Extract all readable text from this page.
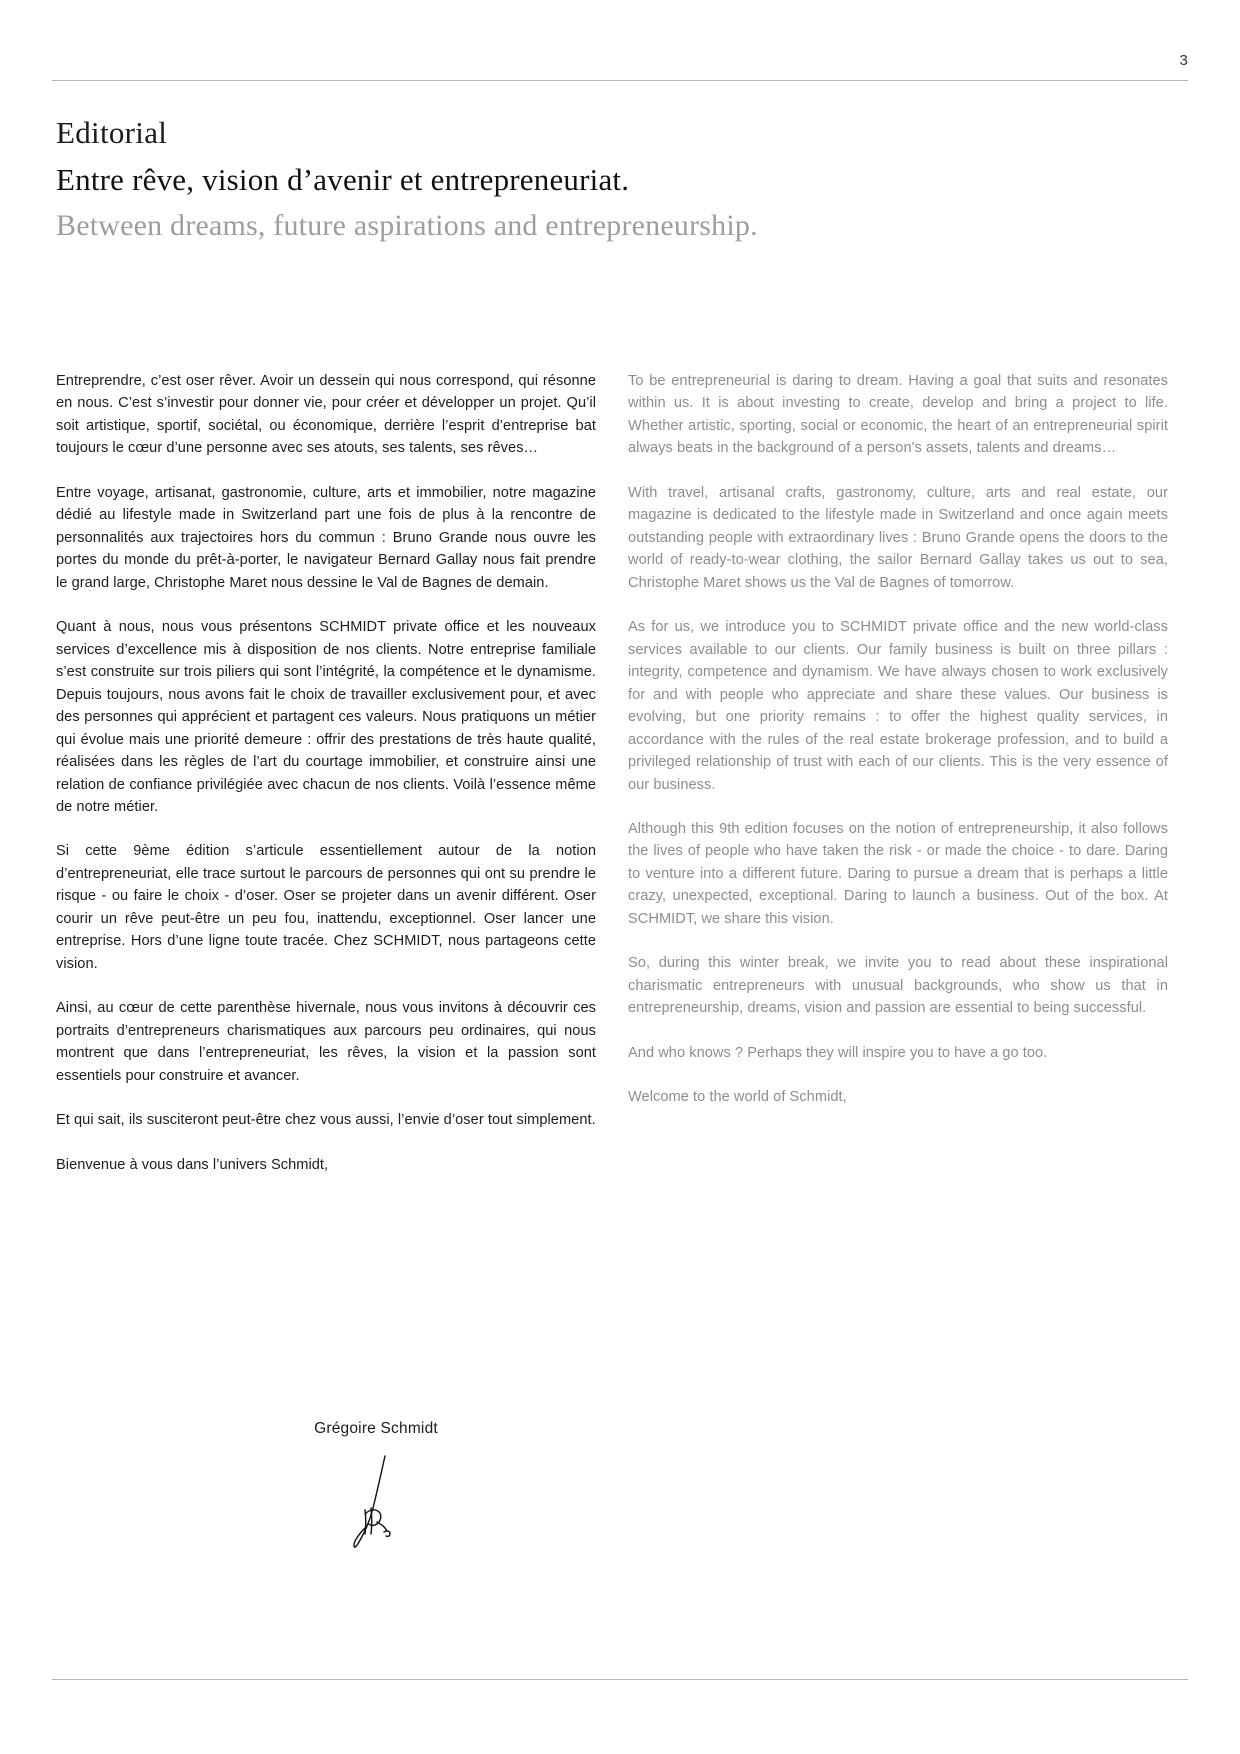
3
Editorial
Entre rêve, vision d’avenir et entrepreneuriat.
Between dreams, future aspirations and entrepreneurship.

Entreprendre, c’est oser rêver. Avoir un dessein qui nous correspond, qui résonne en nous. C’est s’investir pour donner vie, pour créer et développer un projet. Qu’il soit artistique, sportif, sociétal, ou économique, derrière l’esprit d’entreprise bat toujours le cœur d’une personne avec ses atouts, ses talents, ses rêves…

Entre voyage, artisanat, gastronomie, culture, arts et immobilier, notre magazine dédié au lifestyle made in Switzerland part une fois de plus à la rencontre de personnalités aux trajectoires hors du commun : Bruno Grande nous ouvre les portes du monde du prêt-à-porter, le navigateur Bernard Gallay nous fait prendre le grand large, Christophe Maret nous dessine le Val de Bagnes de demain.

Quant à nous, nous vous présentons SCHMIDT private office et les nouveaux services d’excellence mis à disposition de nos clients. Notre entreprise familiale s’est construite sur trois piliers qui sont l’intégrité, la compétence et le dynamisme. Depuis toujours, nous avons fait le choix de travailler exclusivement pour, et avec des personnes qui apprécient et partagent ces valeurs. Nous pratiquons un métier qui évolue mais une priorité demeure : offrir des prestations de très haute qualité, réalisées dans les règles de l’art du courtage immobilier, et construire ainsi une relation de confiance privilégiée avec chacun de nos clients. Voilà l’essence même de notre métier.

Si cette 9ème édition s’articule essentiellement autour de la notion d’entrepreneuriat, elle trace surtout le parcours de personnes qui ont su prendre le risque - ou faire le choix - d’oser. Oser se projeter dans un avenir différent. Oser courir un rêve peut-être un peu fou, inattendu, exceptionnel. Oser lancer une entreprise. Hors d’une ligne toute tracée. Chez SCHMIDT, nous partageons cette vision.

Ainsi, au cœur de cette parenthèse hivernale, nous vous invitons à découvrir ces portraits d’entrepreneurs charismatiques aux parcours peu ordinaires, qui nous montrent que dans l’entrepreneuriat, les rêves, la vision et la passion sont essentiels pour construire et avancer.

Et qui sait, ils susciteront peut-être chez vous aussi, l’envie d’oser tout simplement.

Bienvenue à vous dans l’univers Schmidt,

To be entrepreneurial is daring to dream. Having a goal that suits and resonates within us. It is about investing to create, develop and bring a project to life. Whether artistic, sporting, social or economic, the heart of an entrepreneurial spirit always beats in the background of a person's assets, talents and dreams…

With travel, artisanal crafts, gastronomy, culture, arts and real estate, our magazine is dedicated to the lifestyle made in Switzerland and once again meets outstanding people with extraordinary lives : Bruno Grande opens the doors to the world of ready-to-wear clothing, the sailor Bernard Gallay takes us out to sea, Christophe Maret shows us the Val de Bagnes of tomorrow.

As for us, we introduce you to SCHMIDT private office and the new world-class services available to our clients. Our family business is built on three pillars : integrity, competence and dynamism. We have always chosen to work exclusively for and with people who appreciate and share these values. Our business is evolving, but one priority remains : to offer the highest quality services, in accordance with the rules of the real estate brokerage profession, and to build a privileged relationship of trust with each of our clients. This is the very essence of our business.

Although this 9th edition focuses on the notion of entrepreneurship, it also follows the lives of people who have taken the risk - or made the choice - to dare. Daring to venture into a different future. Daring to pursue a dream that is perhaps a little crazy, unexpected, exceptional. Daring to launch a business. Out of the box. At SCHMIDT, we share this vision.

So, during this winter break, we invite you to read about these inspirational charismatic entrepreneurs with unusual backgrounds, who show us that in entrepreneurship, dreams, vision and passion are essential to being successful.

And who knows ? Perhaps they will inspire you to have a go too.

Welcome to the world of Schmidt,

Grégoire Schmidt
